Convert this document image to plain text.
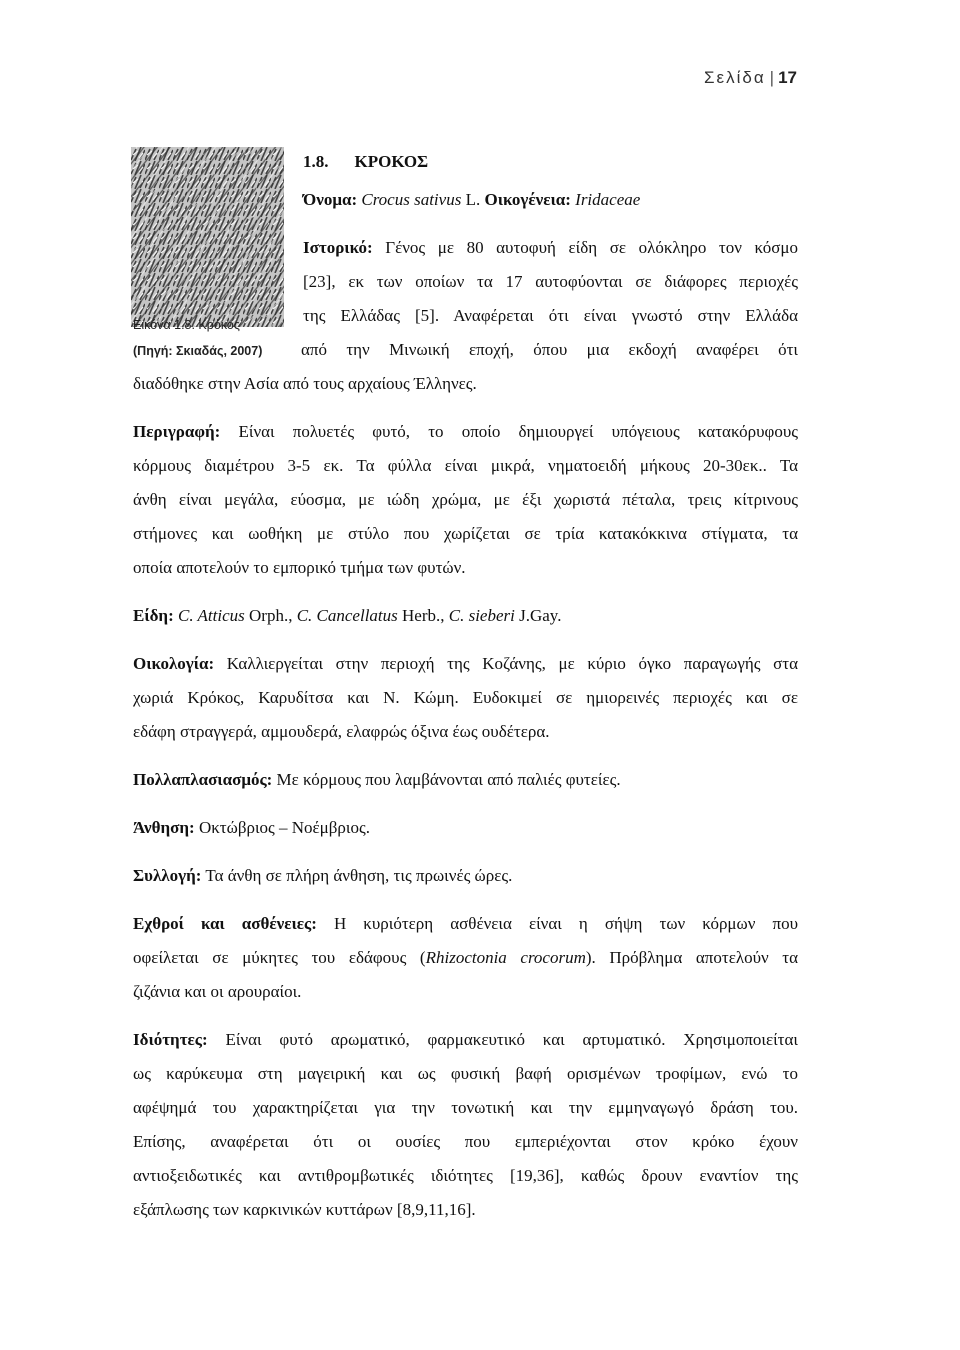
Σελίδα | 17
Εικόνα 1.8. Κρόκος
(Πηγή: Σκιαδάς, 2007)
1.8. ΚΡΟΚΟΣ
Όνομα: Crocus sativus L. Οικογένεια: Iridaceae
Ιστορικό: Γένος με 80 αυτοφυή είδη σε ολόκληρο τον κόσμο
[23], εκ των οποίων τα 17 αυτοφύονται σε διάφορες περιοχές
της Ελλάδας [5]. Αναφέρεται ότι είναι γνωστό στην Ελλάδα
από την Μινωική εποχή, όπου μια εκδοχή αναφέρει ότι
διαδόθηκε στην Ασία από τους αρχαίους Έλληνες.
Περιγραφή: Είναι πολυετές φυτό, το οποίο δημιουργεί υπόγειους κατακόρυφους
κόρμους διαμέτρου 3-5 εκ. Τα φύλλα είναι μικρά, νηματοειδή μήκους 20-30εκ.. Τα
άνθη είναι μεγάλα, εύοσμα, με ιώδη χρώμα, με έξι χωριστά πέταλα, τρεις κίτρινους
στήμονες και ωοθήκη με στύλο που χωρίζεται σε τρία κατακόκκινα στίγματα, τα
οποία αποτελούν το εμπορικό τμήμα των φυτών.
Είδη: C. Atticus Orph., C. Cancellatus Herb., C. sieberi J.Gay.
Οικολογία: Καλλιεργείται στην περιοχή της Κοζάνης, με κύριο όγκο παραγωγής στα
χωριά Κρόκος, Καρυδίτσα και Ν. Κώμη. Ευδοκιμεί σε ημιορεινές περιοχές και σε
εδάφη στραγγερά, αμμουδερά, ελαφρώς όξινα έως ουδέτερα.
Πολλαπλασιασμός: Με κόρμους που λαμβάνονται από παλιές φυτείες.
Άνθηση: Οκτώβριος – Νοέμβριος.
Συλλογή: Τα άνθη σε πλήρη άνθηση, τις πρωινές ώρες.
Εχθροί και ασθένειες: Η κυριότερη ασθένεια είναι η σήψη των κόρμων που
οφείλεται σε μύκητες του εδάφους (Rhizoctonia crocorum). Πρόβλημα αποτελούν τα
ζιζάνια και οι αρουραίοι.
Ιδιότητες: Είναι φυτό αρωματικό, φαρμακευτικό και αρτυματικό. Χρησιμοποιείται
ως καρύκευμα στη μαγειρική και ως φυσική βαφή ορισμένων τροφίμων, ενώ το
αφέψημά του χαρακτηρίζεται για την τονωτική και την εμμηναγωγό δράση του.
Επίσης, αναφέρεται ότι οι ουσίες που εμπεριέχονται στον κρόκο έχουν
αντιοξειδωτικές και αντιθρομβωτικές ιδιότητες [19,36], καθώς δρουν εναντίον της
εξάπλωσης των καρκινικών κυττάρων [8,9,11,16].
